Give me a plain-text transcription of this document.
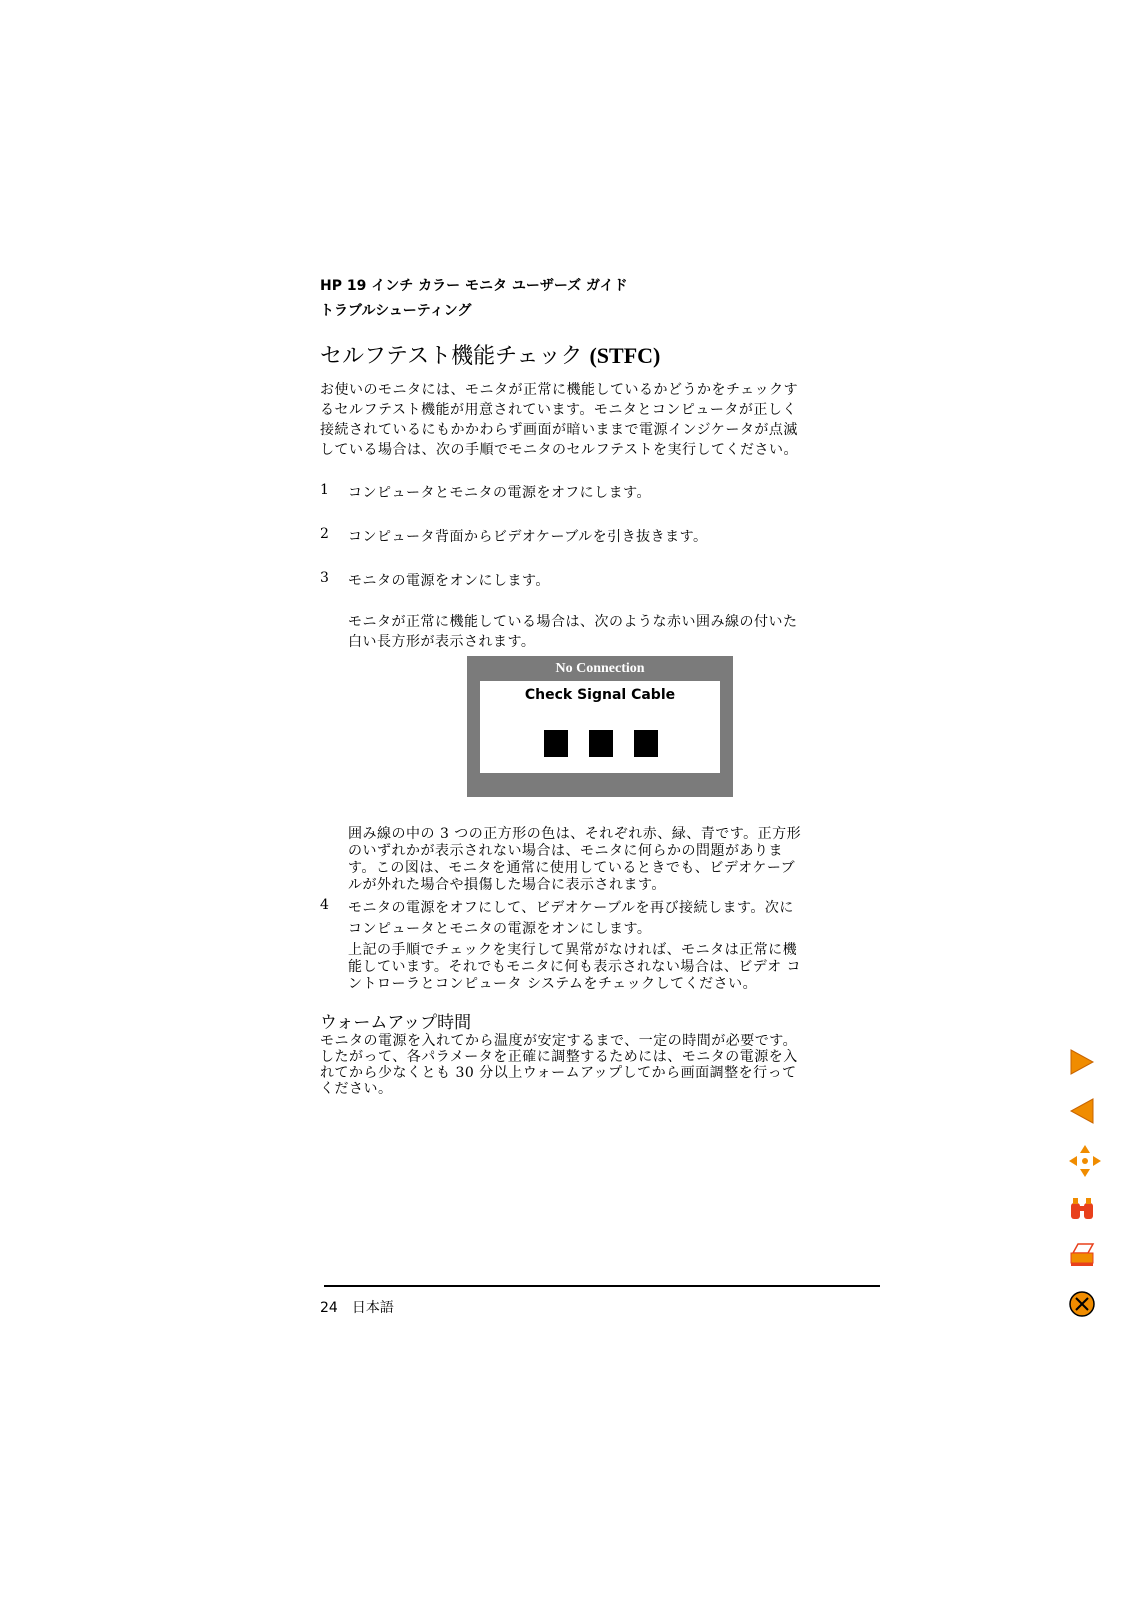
HP 19 インチ カラー モニタ ユーザーズ ガイド
トラブルシューティング
セルフテスト機能チェック (STFC)
お使いのモニタには、モニタが正常に機能しているかどうかをチェックす
るセルフテスト機能が用意されています。モニタとコンピュータが正しく
接続されているにもかかわらず画面が暗いままで電源インジケータが点滅
している場合は、次の手順でモニタのセルフテストを実行してください。
1 コンピュータとモニタの電源をオフにします。
2 コンピュータ背面からビデオケーブルを引き抜きます。
3 モニタの電源をオンにします。
モニタが正常に機能している場合は、次のような赤い囲み線の付いた
白い長方形が表示されます。
No Connection
Check Signal Cable
囲み線の中の 3 つの正方形の色は、それぞれ赤、緑、青です。正方形
のいずれかが表示されない場合は、モニタに何らかの問題がありま
す。この図は、モニタを通常に使用しているときでも、ビデオケーブ
ルが外れた場合や損傷した場合に表示されます。
4 モニタの電源をオフにして、ビデオケーブルを再び接続します。次に
コンピュータとモニタの電源をオンにします。
上記の手順でチェックを実行して異常がなければ、モニタは正常に機
能しています。それでもモニタに何も表示されない場合は、ビデオ コ
ントローラとコンピュータ システムをチェックしてください。
ウォームアップ時間
モニタの電源を入れてから温度が安定するまで、一定の時間が必要です。
したがって、各パラメータを正確に調整するためには、モニタの電源を入
れてから少なくとも 30 分以上ウォームアップしてから画面調整を行って
ください。
24　日本語
